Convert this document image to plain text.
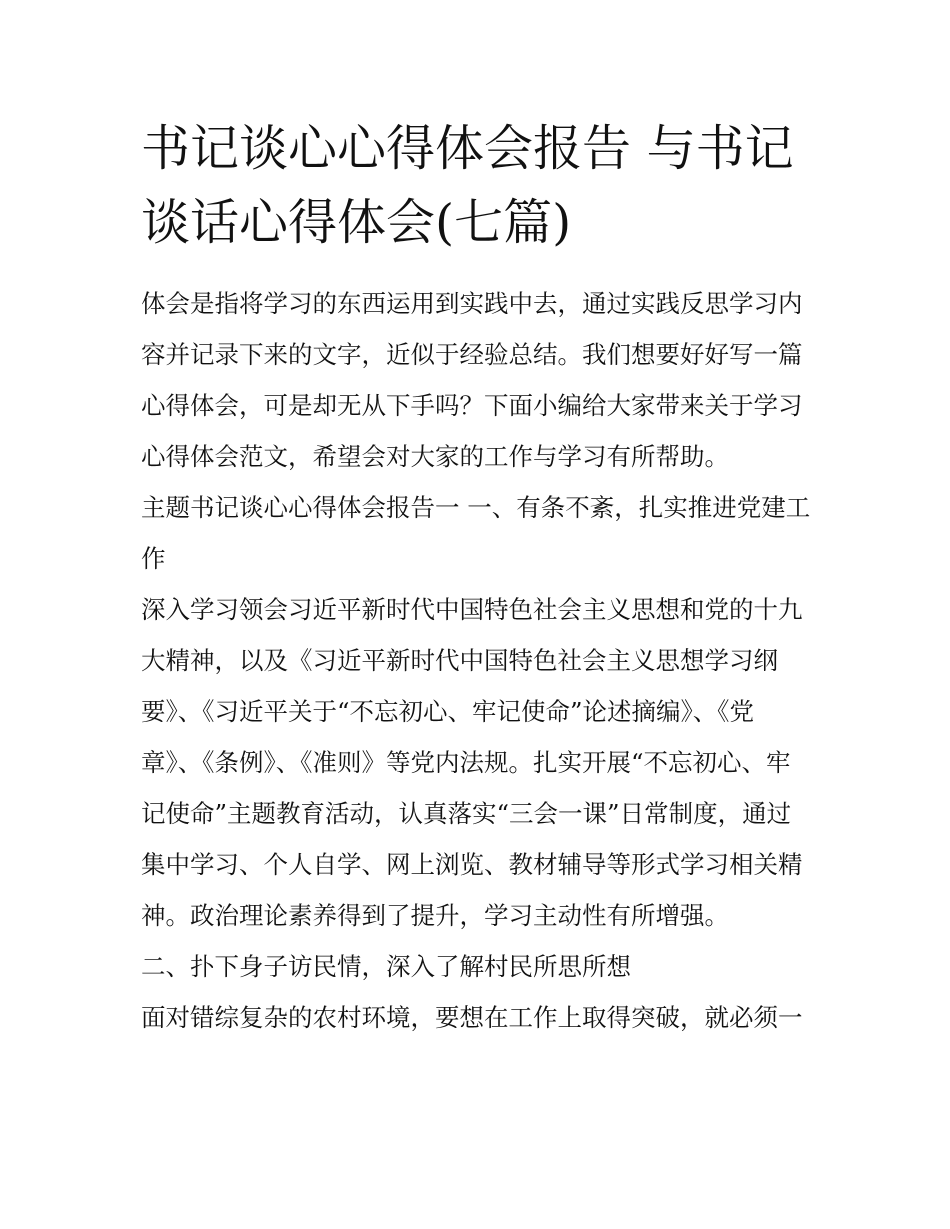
书记谈心心得体会报告 与书记谈话心得体会(七篇)

体会是指将学习的东西运用到实践中去，通过实践反思学习内容并记录下来的文字，近似于经验总结。我们想要好好写一篇心得体会，可是却无从下手吗？下面小编给大家带来关于学习心得体会范文，希望会对大家的工作与学习有所帮助。

主题书记谈心心得体会报告一 一、有条不紊，扎实推进党建工作

深入学习领会习近平新时代中国特色社会主义思想和党的十九大精神，以及《习近平新时代中国特色社会主义思想学习纲要》、《习近平关于“不忘初心、牢记使命”论述摘编》、《党章》、《条例》、《准则》等党内法规。扎实开展“不忘初心、牢记使命”主题教育活动，认真落实“三会一课”日常制度，通过集中学习、个人自学、网上浏览、教材辅导等形式学习相关精神。政治理论素养得到了提升，学习主动性有所增强。

二、扑下身子访民情，深入了解村民所思所想

面对错综复杂的农村环境，要想在工作上取得突破，就必须一
